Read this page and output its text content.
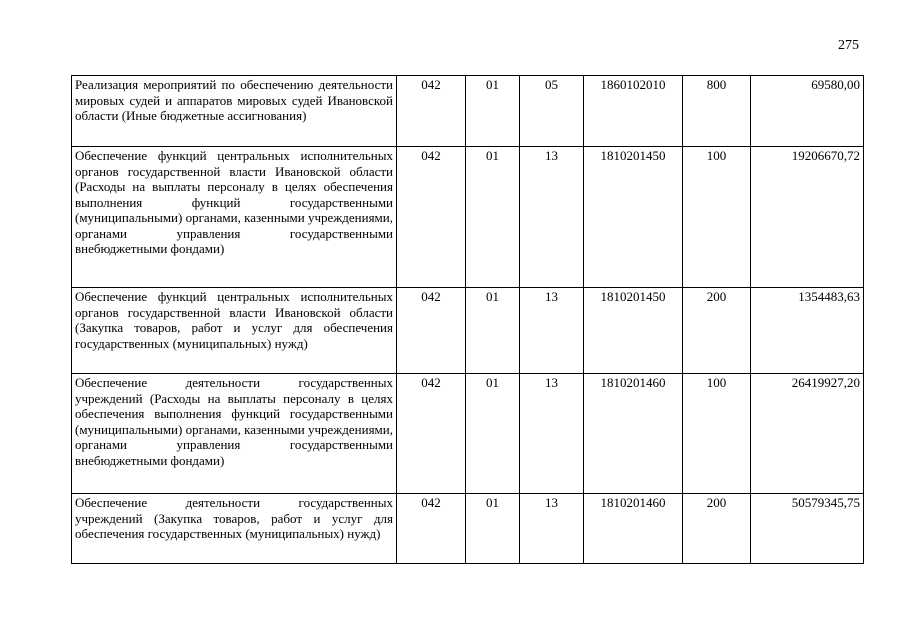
275
Реализация мероприятий по обеспечению деятельности мировых судей и аппаратов мировых судей Ивановской области (Иные бюджетные ассигнования)	042	01	05	1860102010	800	69580,00
Обеспечение функций центральных исполнительных органов государственной власти Ивановской области (Расходы на выплаты персоналу в целях обеспечения выполнения функций государственными (муниципальными) органами, казенными учреждениями, органами управления государственными внебюджетными фондами)	042	01	13	1810201450	100	19206670,72
Обеспечение функций центральных исполнительных органов государственной власти Ивановской области (Закупка товаров, работ и услуг для обеспечения государственных (муниципальных) нужд)	042	01	13	1810201450	200	1354483,63
Обеспечение деятельности государственных учреждений (Расходы на выплаты персоналу в целях обеспечения выполнения функций государственными (муниципальными) органами, казенными учреждениями, органами управления государственными внебюджетными фондами)	042	01	13	1810201460	100	26419927,20
Обеспечение деятельности государственных учреждений (Закупка товаров, работ и услуг для обеспечения государственных (муниципальных) нужд)	042	01	13	1810201460	200	50579345,75
